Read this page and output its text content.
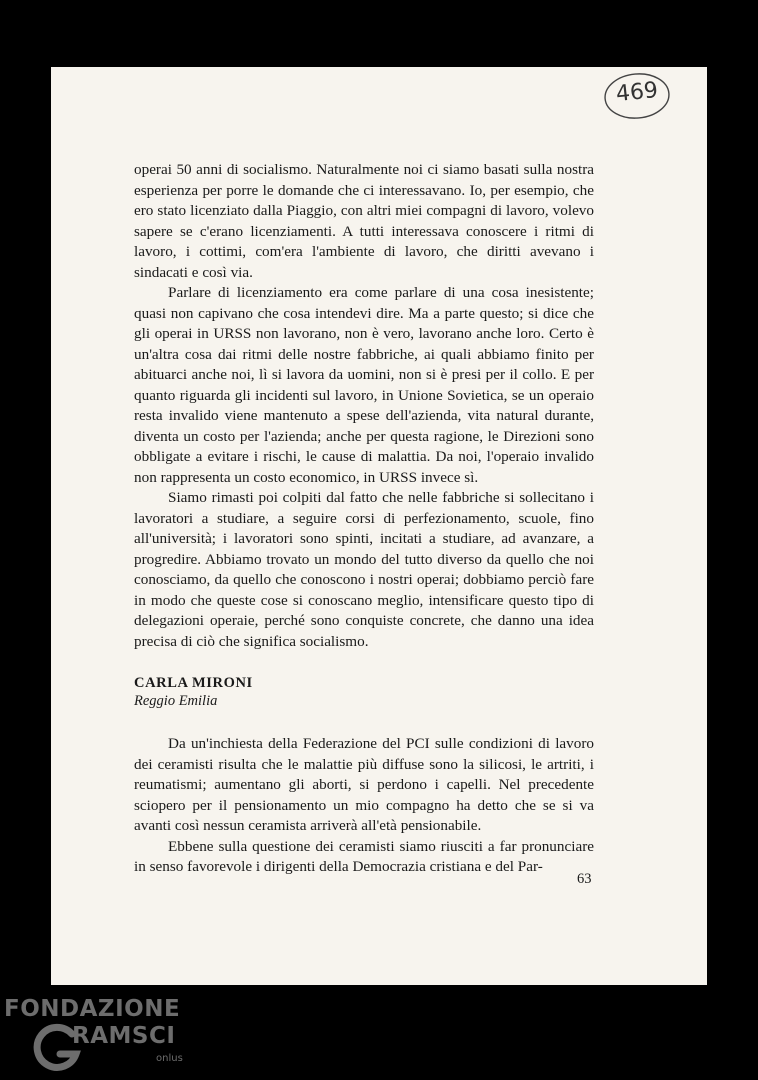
469

operai 50 anni di socialismo. Naturalmente noi ci siamo basati sulla nostra esperienza per porre le domande che ci interessavano. Io, per esempio, che ero stato licenziato dalla Piaggio, con altri miei compagni di lavoro, volevo sapere se c'erano licenziamenti. A tutti interessava conoscere i ritmi di lavoro, i cottimi, com'era l'ambiente di lavoro, che diritti avevano i sindacati e così via.

Parlare di licenziamento era come parlare di una cosa inesistente; quasi non capivano che cosa intendevi dire. Ma a parte questo; si dice che gli operai in URSS non lavorano, non è vero, lavorano anche loro. Certo è un'altra cosa dai ritmi delle nostre fabbriche, ai quali abbiamo finito per abituarci anche noi, lì si lavora da uomini, non si è presi per il collo. E per quanto riguarda gli incidenti sul lavoro, in Unione Sovietica, se un operaio resta invalido viene mantenuto a spese dell'azienda, vita natural durante, diventa un costo per l'azienda; anche per questa ragione, le Direzioni sono obbligate a evitare i rischi, le cause di malattia. Da noi, l'operaio invalido non rappresenta un costo economico, in URSS invece sì.

Siamo rimasti poi colpiti dal fatto che nelle fabbriche si sollecitano i lavoratori a studiare, a seguire corsi di perfezionamento, scuole, fino all'università; i lavoratori sono spinti, incitati a studiare, ad avanzare, a progredire. Abbiamo trovato un mondo del tutto diverso da quello che noi conosciamo, da quello che conoscono i nostri operai; dobbiamo perciò fare in modo che queste cose si conoscano meglio, intensificare questo tipo di delegazioni operaie, perché sono conquiste concrete, che danno una idea precisa di ciò che significa socialismo.

CARLA MIRONI
Reggio Emilia

Da un'inchiesta della Federazione del PCI sulle condizioni di lavoro dei ceramisti risulta che le malattie più diffuse sono la silicosi, le artriti, i reumatismi; aumentano gli aborti, si perdono i capelli. Nel precedente sciopero per il pensionamento un mio compagno ha detto che se si va avanti così nessun ceramista arriverà all'età pensionabile.

Ebbene sulla questione dei ceramisti siamo riusciti a far pronunciare in senso favorevole i dirigenti della Democrazia cristiana e del Par-

63
FONDAZIONE
RAMSCI
onlus
